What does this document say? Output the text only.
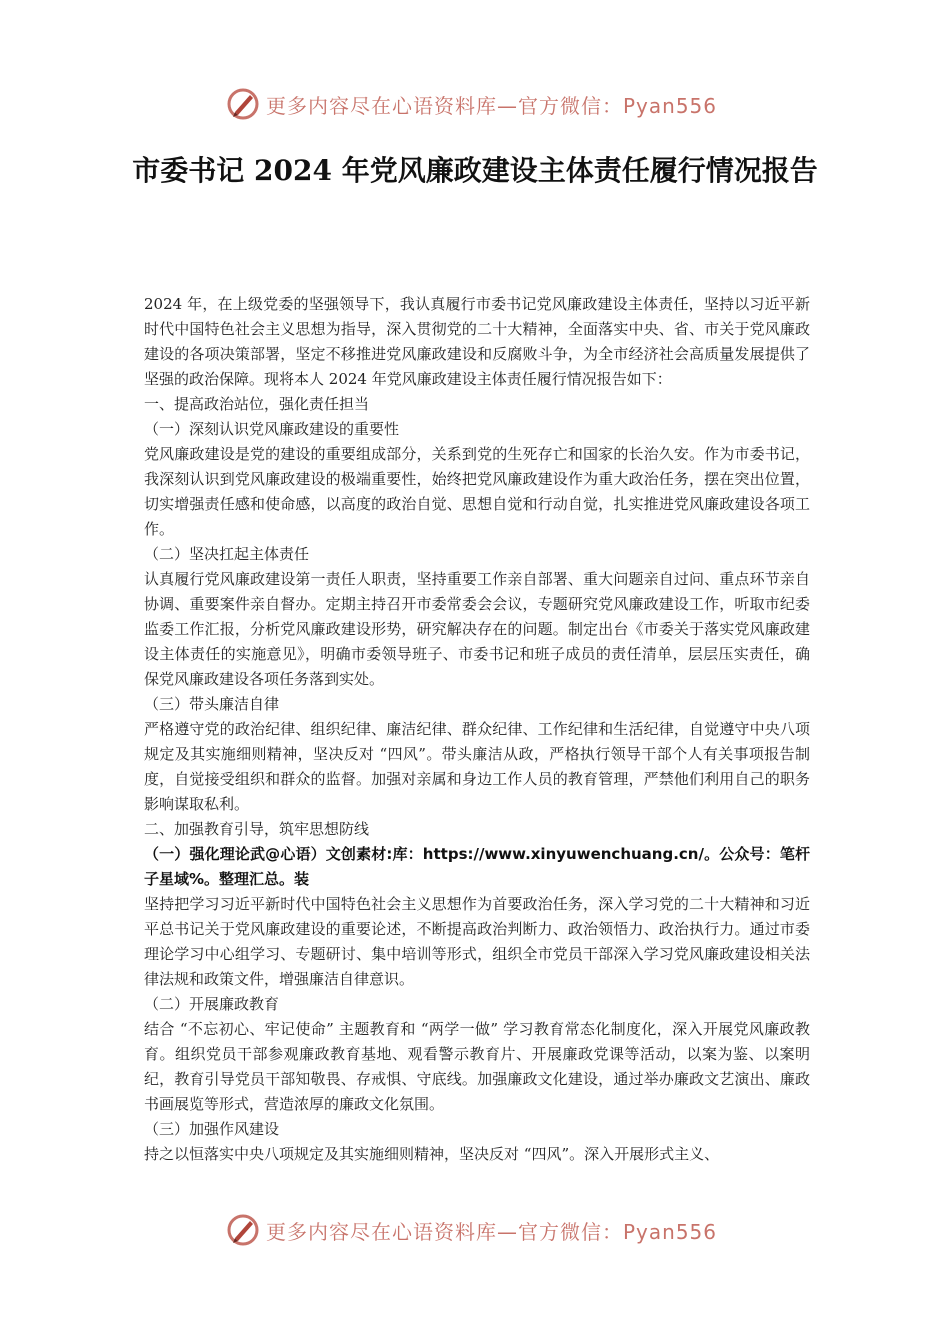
更多内容尽在心语资料库—官方微信：Pyan556
市委书记 2024 年党风廉政建设主体责任履行情况报告

2024 年，在上级党委的坚强领导下，我认真履行市委书记党风廉政建设主体责任，坚持以习近平新时代中国特色社会主义思想为指导，深入贯彻党的二十大精神，全面落实中央、省、市关于党风廉政建设的各项决策部署，坚定不移推进党风廉政建设和反腐败斗争，为全市经济社会高质量发展提供了坚强的政治保障。现将本人 2024 年党风廉政建设主体责任履行情况报告如下：

一、提高政治站位，强化责任担当

（一）深刻认识党风廉政建设的重要性

党风廉政建设是党的建设的重要组成部分，关系到党的生死存亡和国家的长治久安。作为市委书记，我深刻认识到党风廉政建设的极端重要性，始终把党风廉政建设作为重大政治任务，摆在突出位置，切实增强责任感和使命感，以高度的政治自觉、思想自觉和行动自觉，扎实推进党风廉政建设各项工作。

（二）坚决扛起主体责任

认真履行党风廉政建设第一责任人职责，坚持重要工作亲自部署、重大问题亲自过问、重点环节亲自协调、重要案件亲自督办。定期主持召开市委常委会会议，专题研究党风廉政建设工作，听取市纪委监委工作汇报，分析党风廉政建设形势，研究解决存在的问题。制定出台《市委关于落实党风廉政建设主体责任的实施意见》，明确市委领导班子、市委书记和班子成员的责任清单，层层压实责任，确保党风廉政建设各项任务落到实处。

（三）带头廉洁自律

严格遵守党的政治纪律、组织纪律、廉洁纪律、群众纪律、工作纪律和生活纪律，自觉遵守中央八项规定及其实施细则精神，坚决反对 “四风”。带头廉洁从政，严格执行领导干部个人有关事项报告制度，自觉接受组织和群众的监督。加强对亲属和身边工作人员的教育管理，严禁他们利用自己的职务影响谋取私利。

二、加强教育引导，筑牢思想防线

（一）强化理论武@心语）文创素材:库：https://www.xinyuwenchuang.cn/。公众号：笔杆子星域%。整理汇总。装

坚持把学习习近平新时代中国特色社会主义思想作为首要政治任务，深入学习党的二十大精神和习近平总书记关于党风廉政建设的重要论述，不断提高政治判断力、政治领悟力、政治执行力。通过市委理论学习中心组学习、专题研讨、集中培训等形式，组织全市党员干部深入学习党风廉政建设相关法律法规和政策文件，增强廉洁自律意识。

（二）开展廉政教育

结合 “不忘初心、牢记使命” 主题教育和 “两学一做” 学习教育常态化制度化，深入开展党风廉政教育。组织党员干部参观廉政教育基地、观看警示教育片、开展廉政党课等活动，以案为鉴、以案明纪，教育引导党员干部知敬畏、存戒惧、守底线。加强廉政文化建设，通过举办廉政文艺演出、廉政书画展览等形式，营造浓厚的廉政文化氛围。

（三）加强作风建设

持之以恒落实中央八项规定及其实施细则精神，坚决反对 “四风”。深入开展形式主义、

更多内容尽在心语资料库—官方微信：Pyan556
